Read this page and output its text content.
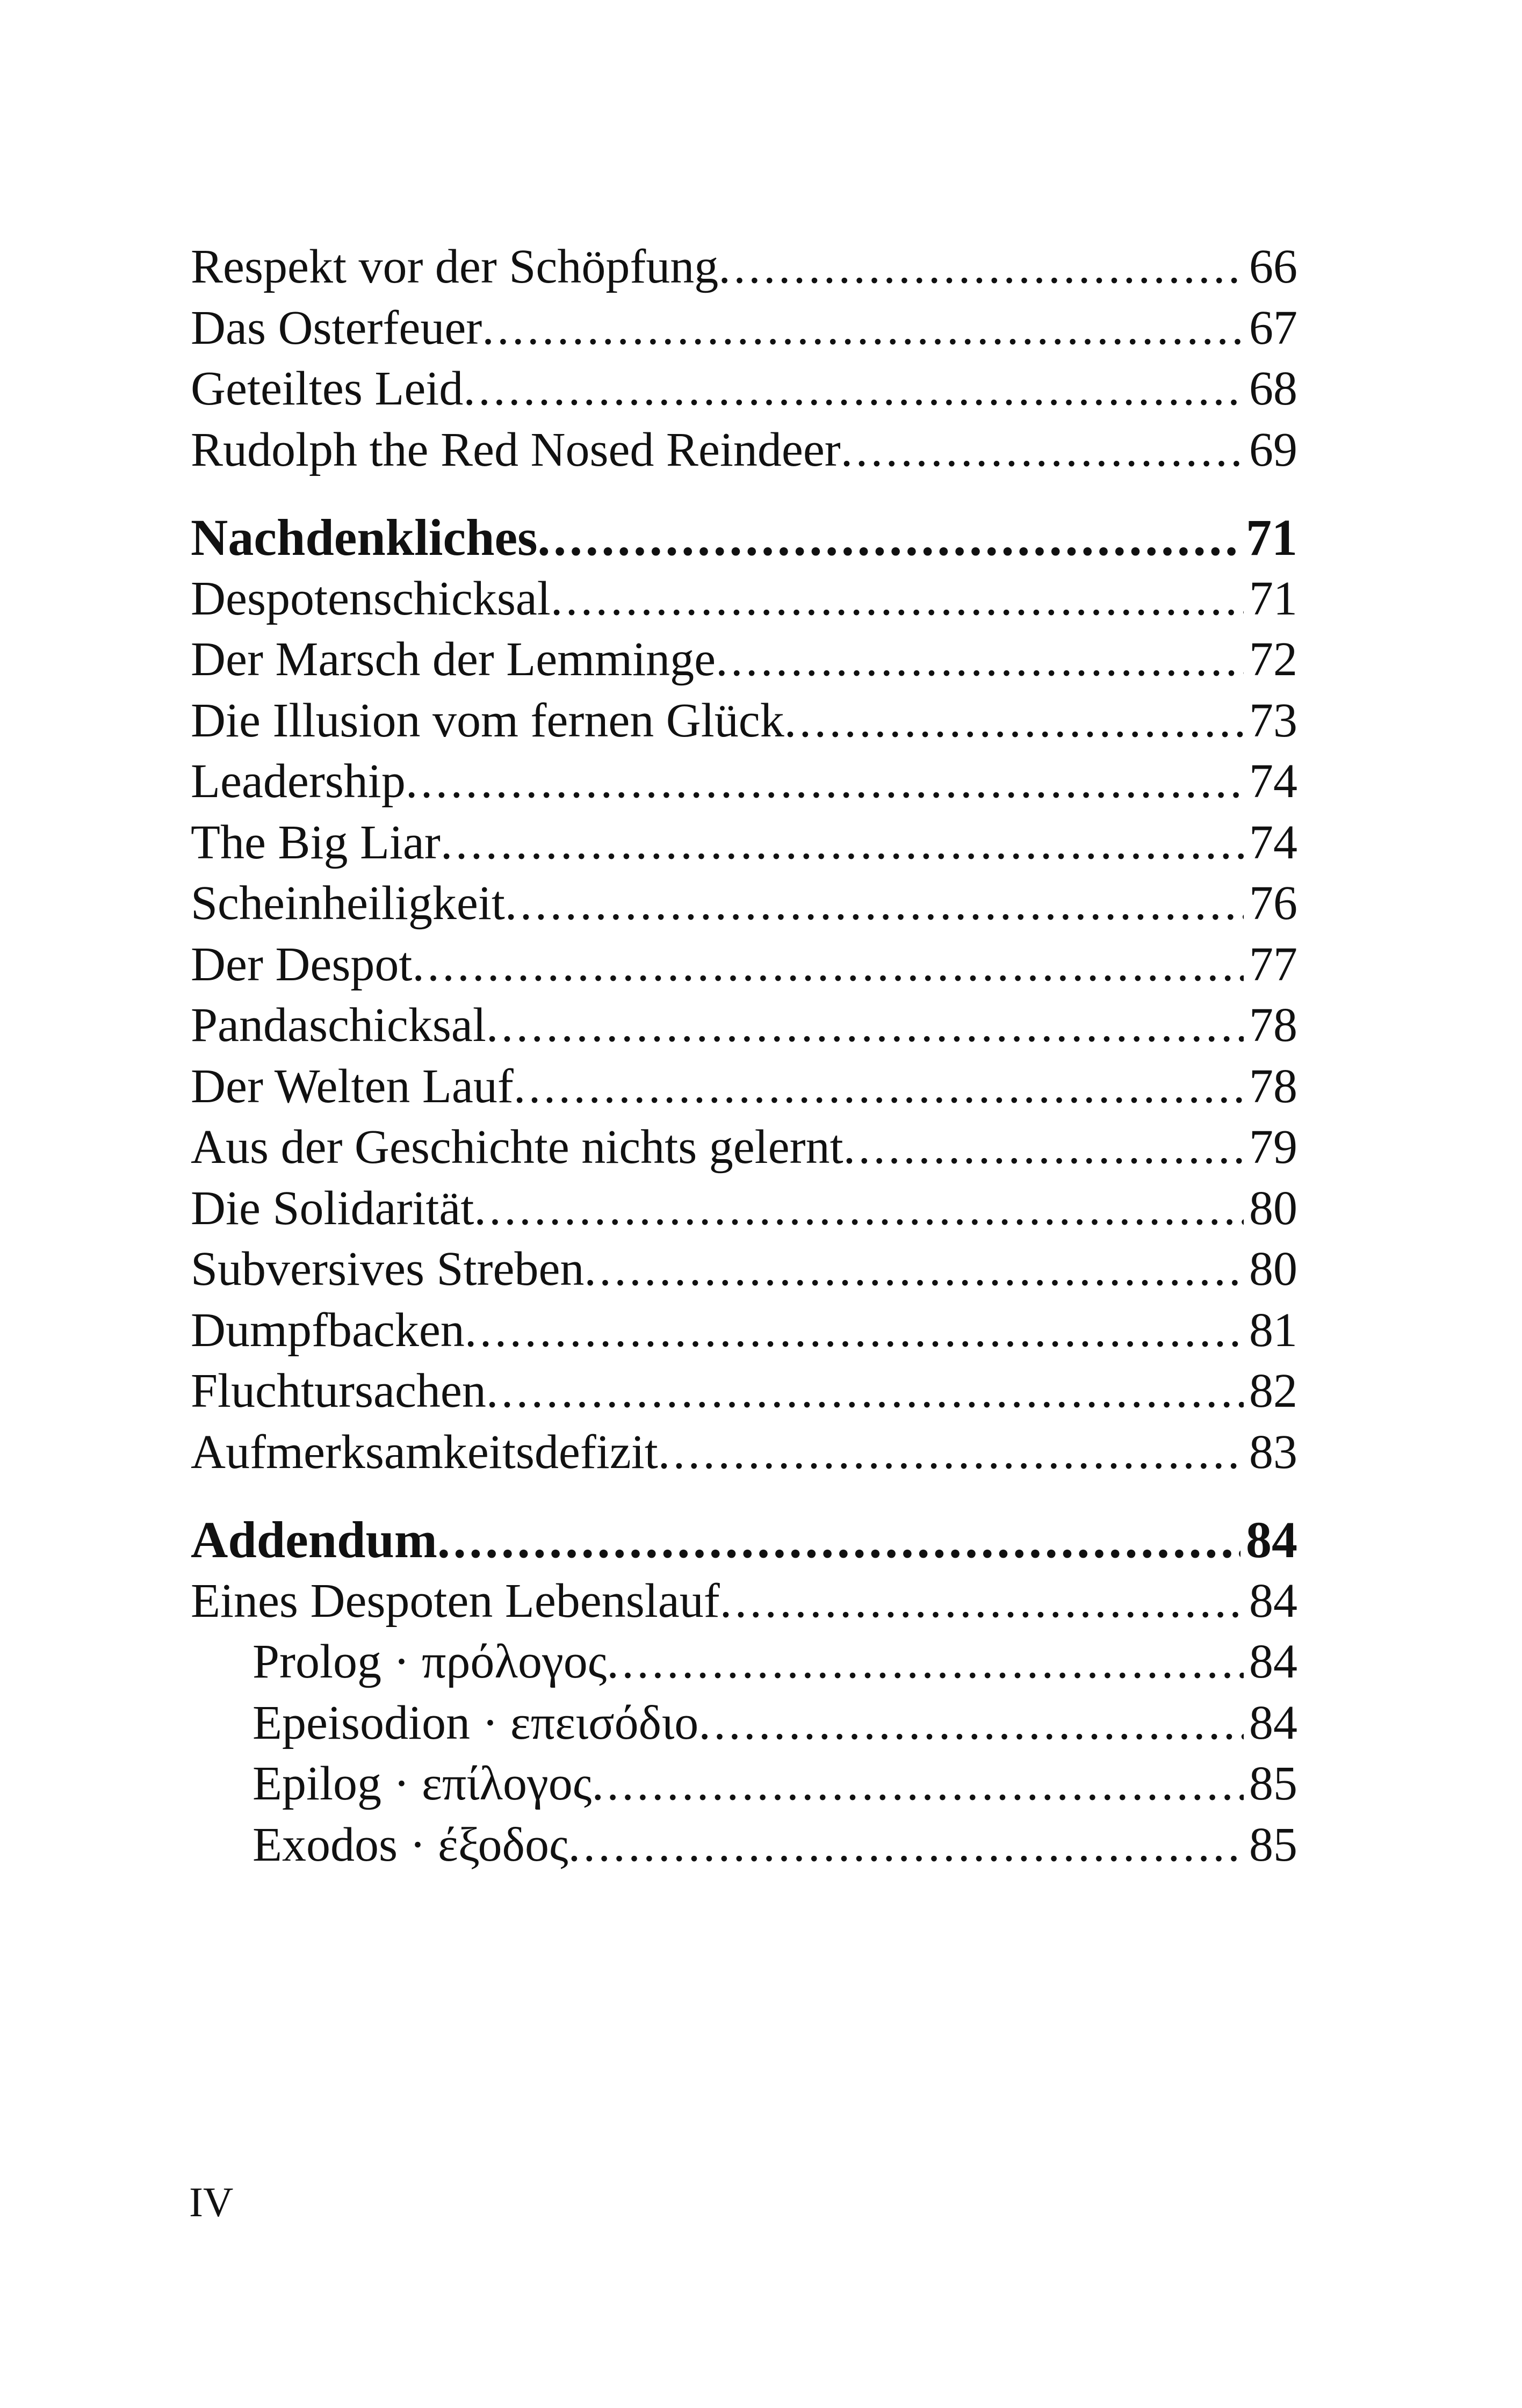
Respekt vor der Schöpfung .....	66
Das Osterfeuer .....	67
Geteiltes Leid .....	68
Rudolph the Red Nosed Reindeer .....	69
Nachdenkliches .....	71
Despotenschicksal .....	71
Der Marsch der Lemminge .....	72
Die Illusion vom fernen Glück .....	73
Leadership .....	74
The Big Liar .....	74
Scheinheiligkeit .....	76
Der Despot .....	77
Pandaschicksal .....	78
Der Welten Lauf .....	78
Aus der Geschichte nichts gelernt .....	79
Die Solidarität .....	80
Subversives Streben .....	80
Dumpfbacken .....	81
Fluchtursachen .....	82
Aufmerksamkeitsdefizit .....	83
Addendum .....	84
Eines Despoten Lebenslauf .....	84
Prolog · πρόλογος .....	84
Epeisodion · επεισόδιο .....	84
Epilog · επίλογος .....	85
Exodos · έξοδος .....	85
IV
